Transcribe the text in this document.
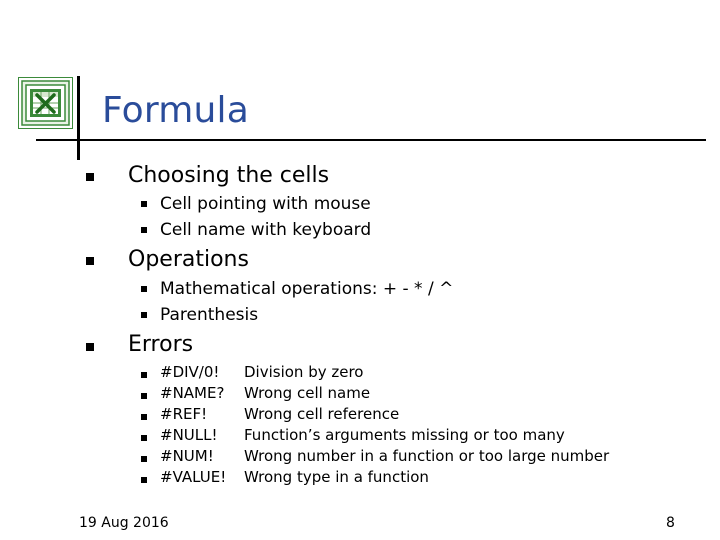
Formula
Choosing the cells
Cell pointing with mouse
Cell name with keyboard
Operations
Mathematical operations: + - * / ^
Parenthesis
Errors
#DIV/0! Division by zero
#NAME? Wrong cell name
#REF! Wrong cell reference
#NULL! Function’s arguments missing or too many
#NUM! Wrong number in a function or too large number
#VALUE! Wrong type in a function
19 Aug 2016	8
